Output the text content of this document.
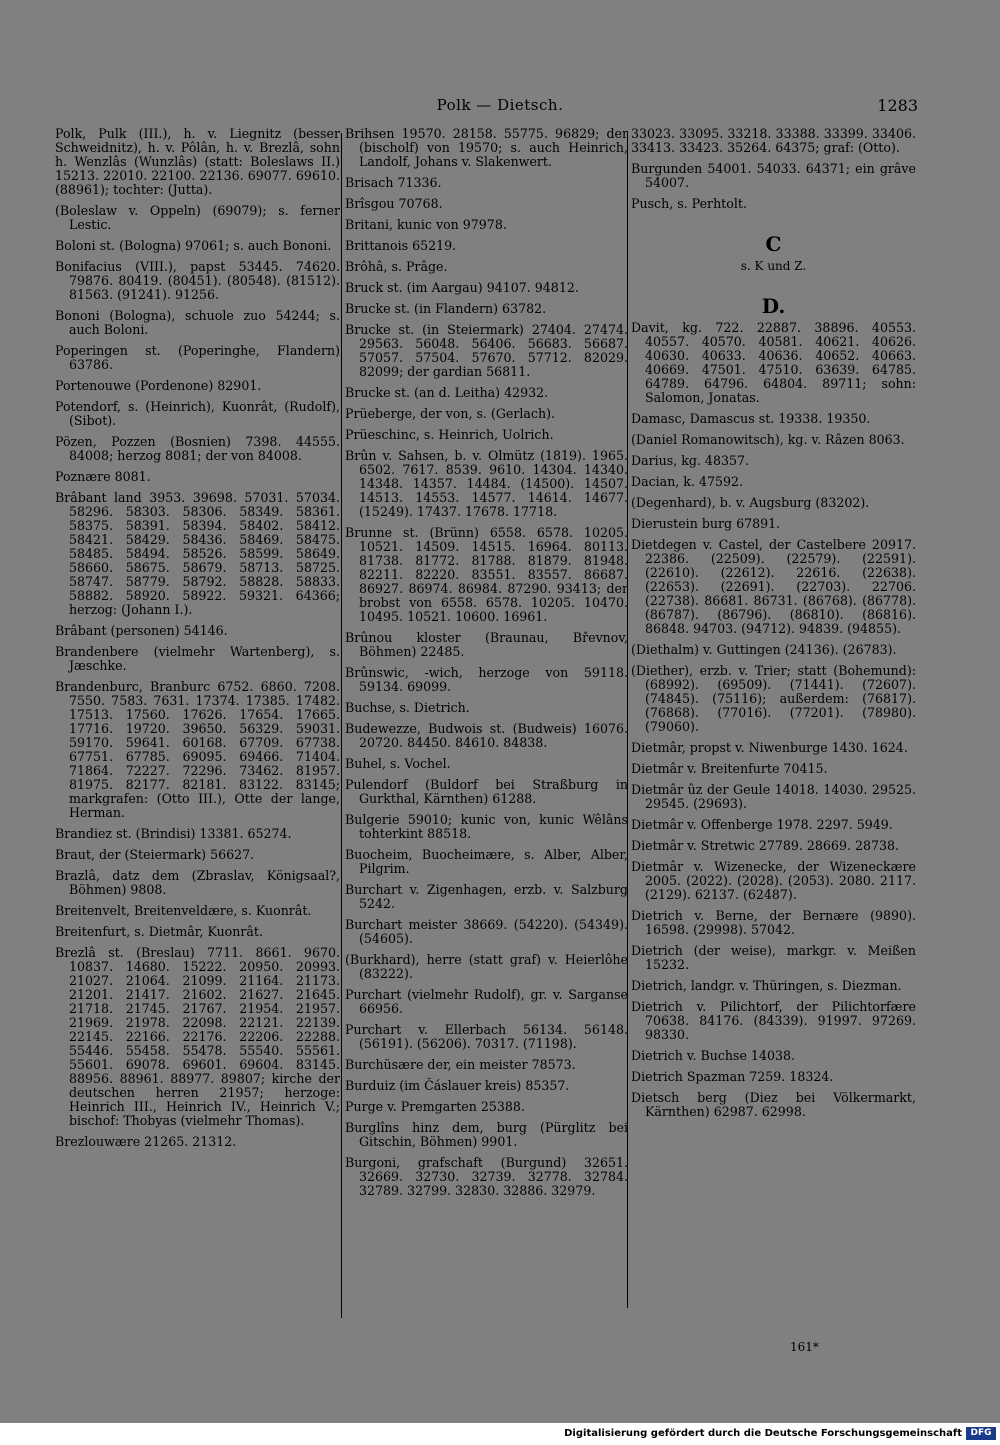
Polk — Dietsch.	1283

Polk, Pulk (III.), h. v. Liegnitz (besser Schweidnitz), h. v. Pôlân, h. v. Brezlâ, sohn h. Wenzlâs (Wunzlâs) (statt: Boleslaws II.) 15213. 22010. 22100. 22136. 69077. 69610. (88961); tochter: (Jutta).

(Boleslaw v. Oppeln) (69079); s. ferner Lestic.

Boloni st. (Bologna) 97061; s. auch Bononi.

Bonifacius (VIII.), papst 53445. 74620. 79876. 80419. (80451). (80548). (81512). 81563. (91241). 91256.

Bononi (Bologna), schuole zuo 54244; s. auch Boloni.

Poperingen st. (Poperinghe, Flandern) 63786.

Portenouwe (Pordenone) 82901.

Potendorf, s. (Heinrich), Kuonrât, (Rudolf), (Sibot).

Pözen, Pozzen (Bosnien) 7398. 44555. 84008; herzog 8081; der von 84008.

Poznære 8081.

Brâbant land 3953. 39698. 57031. 57034. 58296. 58303. 58306. 58349. 58361. 58375. 58391. 58394. 58402. 58412. 58421. 58429. 58436. 58469. 58475. 58485. 58494. 58526. 58599. 58649. 58660. 58675. 58679. 58713. 58725. 58747. 58779. 58792. 58828. 58833. 58882. 58920. 58922. 59321. 64366; herzog: (Johann I.).

Brâbant (personen) 54146.

Brandenbere (vielmehr Wartenberg), s. Jæschke.

Brandenburc, Branburc 6752. 6860. 7208. 7550. 7583. 7631. 17374. 17385. 17482. 17513. 17560. 17626. 17654. 17665. 17716. 19720. 39650. 56329. 59031. 59170. 59641. 60168. 67709. 67738. 67751. 67785. 69095. 69466. 71404. 71864. 72227. 72296. 73462. 81957. 81975. 82177. 82181. 83122. 83145; markgrafen: (Otto III.), Otte der lange, Herman.

Brandiez st. (Brindisi) 13381. 65274.

Braut, der (Steiermark) 56627.

Brazlâ, datz dem (Zbraslav, Königsaal?, Böhmen) 9808.

Breitenvelt, Breitenveldære, s. Kuonrât.

Breitenfurt, s. Dietmâr, Kuonrât.

Brezlâ st. (Breslau) 7711. 8661. 9670. 10837. 14680. 15222. 20950. 20993. 21027. 21064. 21099. 21164. 21173. 21201. 21417. 21602. 21627. 21645. 21718. 21745. 21767. 21954. 21957. 21969. 21978. 22098. 22121. 22139. 22145. 22166. 22176. 22206. 22288. 55446. 55458. 55478. 55540. 55561. 55601. 69078. 69601. 69604. 83145. 88956. 88961. 88977. 89807; kirche der deutschen herren 21957; herzoge: Heinrich III., Heinrich IV., Heinrich V.; bischof: Thobyas (vielmehr Thomas).

Brezlouwære 21265. 21312.

Brihsen 19570. 28158. 55775. 96829; der (bischolf) von 19570; s. auch Heinrich, Landolf, Johans v. Slakenwert.

Brisach 71336.

Brîsgou 70768.

Britani, kunic von 97978.

Brittanois 65219.

Brôhâ, s. Prâge.

Bruck st. (im Aargau) 94107. 94812.

Brucke st. (in Flandern) 63782.

Brucke st. (in Steiermark) 27404. 27474. 29563. 56048. 56406. 56683. 56687. 57057. 57504. 57670. 57712. 82029. 82099; der gardian 56811.

Brucke st. (an d. Leitha) 42932.

Prüeberge, der von, s. (Gerlach).

Prüeschinc, s. Heinrich, Uolrich.

Brûn v. Sahsen, b. v. Olmütz (1819). 1965. 6502. 7617. 8539. 9610. 14304. 14340. 14348. 14357. 14484. (14500). 14507. 14513. 14553. 14577. 14614. 14677. (15249). 17437. 17678. 17718.

Brunne st. (Brünn) 6558. 6578. 10205. 10521. 14509. 14515. 16964. 80113. 81738. 81772. 81788. 81879. 81948. 82211. 82220. 83551. 83557. 86687. 86927. 86974. 86984. 87290. 93413; der brobst von 6558. 6578. 10205. 10470. 10495. 10521. 10600. 16961.

Brûnou kloster (Braunau, Břevnov, Böhmen) 22485.

Brûnswic, -wich, herzoge von 59118. 59134. 69099.

Buchse, s. Dietrich.

Budewezze, Budwois st. (Budweis) 16076. 20720. 84450. 84610. 84838.

Buhel, s. Vochel.

Pulendorf (Buldorf bei Straßburg in Gurkthal, Kärnthen) 61288.

Bulgerie 59010; kunic von, kunic Wêlâns tohterkint 88518.

Buocheim, Buocheimære, s. Alber, Alber, Pilgrim.

Burchart v. Zigenhagen, erzb. v. Salzburg 5242.

Burchart meister 38669. (54220). (54349). (54605).

(Burkhard), herre (statt graf) v. Heierlôhe (83222).

Purchart (vielmehr Rudolf), gr. v. Sarganse 66956.

Purchart v. Ellerbach 56134. 56148. (56191). (56206). 70317. (71198).

Burchüsære der, ein meister 78573.

Burduiz (im Čáslauer kreis) 85357.

Purge v. Premgarten 25388.

Burglîns hinz dem, burg (Pürglitz bei Gitschin, Böhmen) 9901.

Burgoni, grafschaft (Burgund) 32651. 32669. 32730. 32739. 32778. 32784. 32789. 32799. 32830. 32886. 32979.

33023. 33095. 33218. 33388. 33399. 33406. 33413. 33423. 35264. 64375; graf: (Otto).

Burgunden 54001. 54033. 64371; ein grâve 54007.

Pusch, s. Perhtolt.

C
s. K und Z.
D.

Davit, kg. 722. 22887. 38896. 40553. 40557. 40570. 40581. 40621. 40626. 40630. 40633. 40636. 40652. 40663. 40669. 47501. 47510. 63639. 64785. 64789. 64796. 64804. 89711; sohn: Salomon, Jonatas.

Damasc, Damascus st. 19338. 19350.

(Daniel Romanowitsch), kg. v. Râzen 8063.

Darius, kg. 48357.

Dacian, k. 47592.

(Degenhard), b. v. Augsburg (83202).

Dierustein burg 67891.

Dietdegen v. Castel, der Castelbere 20917. 22386. (22509). (22579). (22591). (22610). (22612). 22616. (22638). (22653). (22691). (22703). 22706. (22738). 86681. 86731. (86768). (86778). (86787). (86796). (86810). (86816). 86848. 94703. (94712). 94839. (94855).

(Diethalm) v. Guttingen (24136). (26783).

(Diether), erzb. v. Trier; statt (Bohemund): (68992). (69509). (71441). (72607). (74845). (75116); außerdem: (76817). (76868). (77016). (77201). (78980). (79060).

Dietmâr, propst v. Niwenburge 1430. 1624.

Dietmâr v. Breitenfurte 70415.

Dietmâr ûz der Geule 14018. 14030. 29525. 29545. (29693).

Dietmâr v. Offenberge 1978. 2297. 5949.

Dietmâr v. Stretwic 27789. 28669. 28738.

Dietmâr v. Wizenecke, der Wizeneckære 2005. (2022). (2028). (2053). 2080. 2117. (2129). 62137. (62487).

Dietrich v. Berne, der Bernære (9890). 16598. (29998). 57042.

Dietrich (der weise), markgr. v. Meißen 15232.

Dietrich, landgr. v. Thüringen, s. Diezman.

Dietrich v. Pilichtorf, der Pilichtorfære 70638. 84176. (84339). 91997. 97269. 98330.

Dietrich v. Buchse 14038.

Dietrich Spazman 7259. 18324.

Dietsch berg (Diez bei Völkermarkt, Kärnthen) 62987. 62998.

161*
Digitalisierung gefördert durch die Deutsche Forschungsgemeinschaft DFG
